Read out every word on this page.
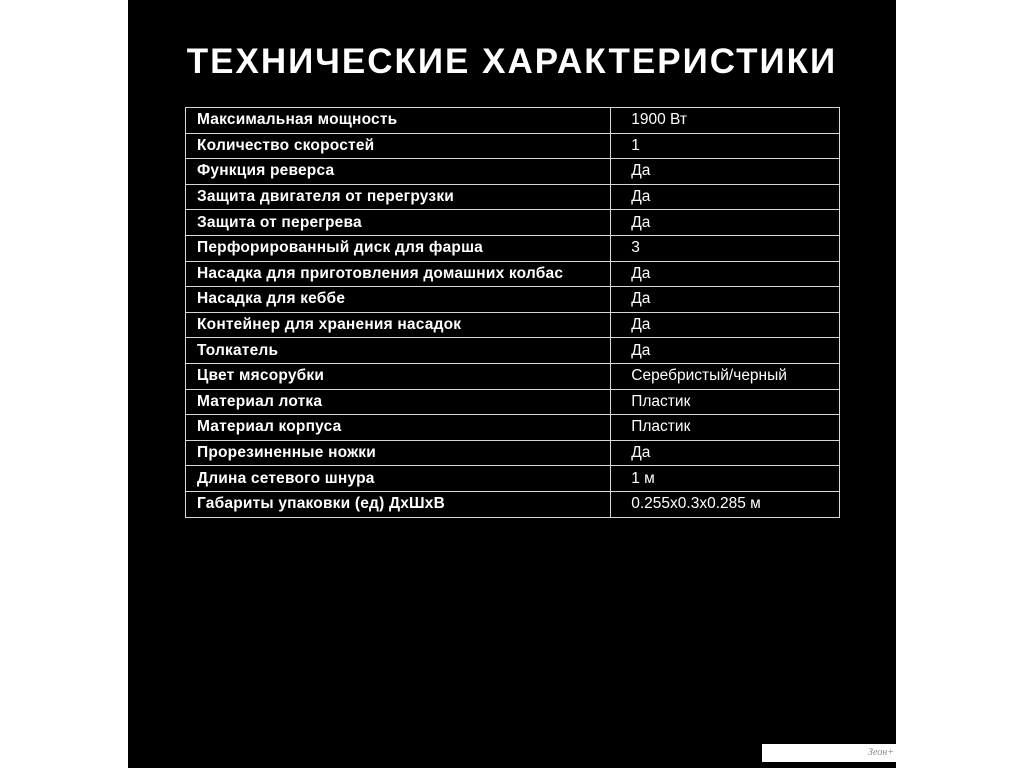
ТЕХНИЧЕСКИЕ ХАРАКТЕРИСТИКИ
Максимальная мощность	1900 Вт
Количество скоростей	1
Функция реверса	Да
Защита двигателя от перегрузки	Да
Защита от перегрева	Да
Перфорированный диск для фарша	3
Насадка для приготовления домашних колбас	Да
Насадка для кеббе	Да
Контейнер для хранения насадок	Да
Толкатель	Да
Цвет мясорубки	Серебристый/черный
Материал лотка	Пластик
Материал корпуса	Пластик
Прорезиненные ножки	Да
Длина сетевого шнура	1 м
Габариты упаковки (ед) ДхШхВ	0.255x0.3x0.285 м
Зеон+
